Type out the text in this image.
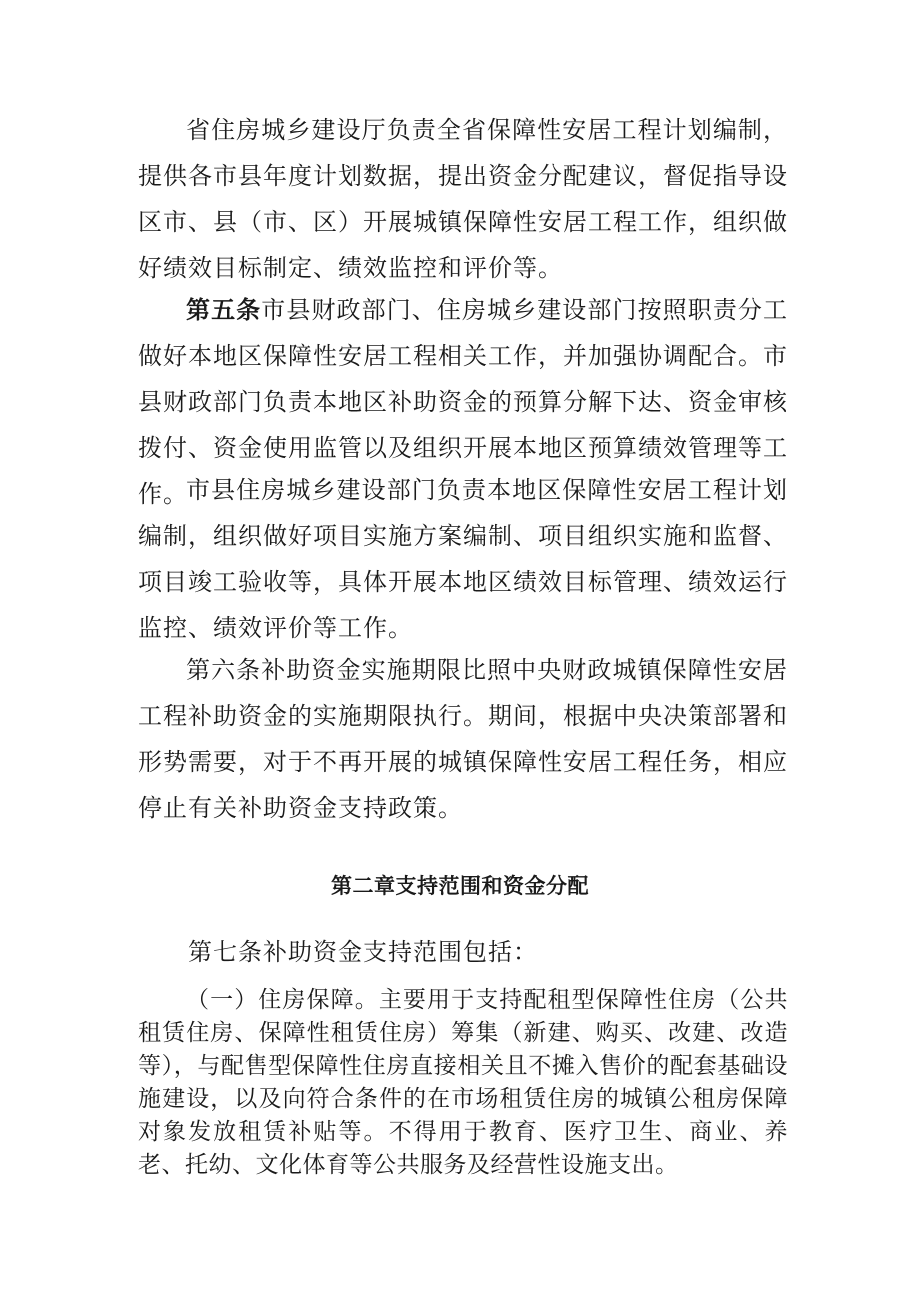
省住房城乡建设厅负责全省保障性安居工程计划编制，提供各市县年度计划数据，提出资金分配建议，督促指导设区市、县（市、区）开展城镇保障性安居工程工作，组织做好绩效目标制定、绩效监控和评价等。

第五条市县财政部门、住房城乡建设部门按照职责分工做好本地区保障性安居工程相关工作，并加强协调配合。市县财政部门负责本地区补助资金的预算分解下达、资金审核拨付、资金使用监管以及组织开展本地区预算绩效管理等工作。

市县住房城乡建设部门负责本地区保障性安居工程计划编制，组织做好项目实施方案编制、项目组织实施和监督、项目竣工验收等，具体开展本地区绩效目标管理、绩效运行监控、绩效评价等工作。

第六条补助资金实施期限比照中央财政城镇保障性安居工程补助资金的实施期限执行。期间，根据中央决策部署和形势需要，对于不再开展的城镇保障性安居工程任务，相应停止有关补助资金支持政策。

第二章支持范围和资金分配

第七条补助资金支持范围包括：

（一）住房保障。主要用于支持配租型保障性住房（公共租赁住房、保障性租赁住房）筹集（新建、购买、改建、改造等），与配售型保障性住房直接相关且不摊入售价的配套基础设施建设，以及向符合条件的在市场租赁住房的城镇公租房保障对象发放租赁补贴等。不得用于教育、医疗卫生、商业、养老、托幼、文化体育等公共服务及经营性设施支出。
